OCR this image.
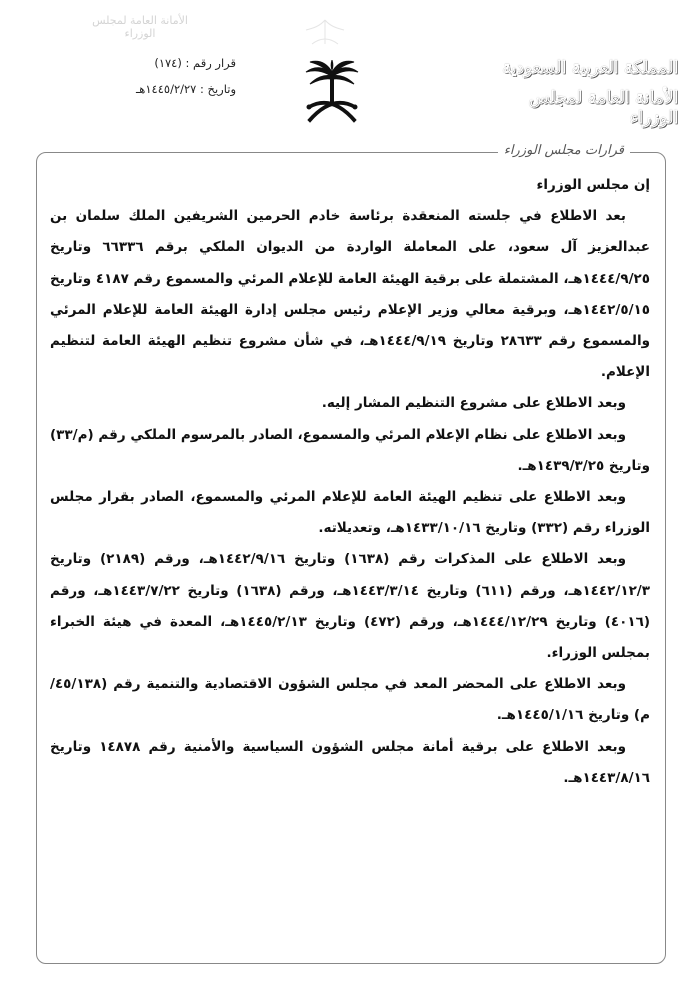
الأمانة العامة لمجلس الوزراء
قرار رقم : (١٧٤)
وتاريخ : ١٤٤٥/٢/٢٧هـ
المملكة العربية السعودية
الأمانة العامة لمجلس الوزراء
قرارات مجلس الوزراء

إن مجلس الوزراء

بعد الاطلاع في جلسته المنعقدة برئاسة خادم الحرمين الشريفين الملك سلمان بن عبدالعزيز آل سعود، على المعاملة الواردة من الديوان الملكي برقم ٦٦٣٣٦ وتاريخ ١٤٤٤/٩/٢٥هـ، المشتملة على برقية الهيئة العامة للإعلام المرئي والمسموع رقم ٤١٨٧ وتاريخ ١٤٤٢/٥/١٥هـ، وبرقية معالي وزير الإعلام رئيس مجلس إدارة الهيئة العامة للإعلام المرئي والمسموع رقم ٢٨٦٣٣ وتاريخ ١٤٤٤/٩/١٩هـ، في شأن مشروع تنظيم الهيئة العامة لتنظيم الإعلام.

وبعد الاطلاع على مشروع التنظيم المشار إليه.

وبعد الاطلاع على نظام الإعلام المرئي والمسموع، الصادر بالمرسوم الملكي رقم (م/٣٣) وتاريخ ١٤٣٩/٣/٢٥هـ.

وبعد الاطلاع على تنظيم الهيئة العامة للإعلام المرئي والمسموع، الصادر بقرار مجلس الوزراء رقم (٣٣٢) وتاريخ ١٤٣٣/١٠/١٦هـ، وتعديلاته.

وبعد الاطلاع على المذكرات رقم (١٦٣٨) وتاريخ ١٤٤٢/٩/١٦هـ، ورقم (٢١٨٩) وتاريخ ١٤٤٢/١٢/٣هـ، ورقم (٦١١) وتاريخ ١٤٤٣/٣/١٤هـ، ورقم (١٦٣٨) وتاريخ ١٤٤٣/٧/٢٢هـ، ورقم (٤٠١٦) وتاريخ ١٤٤٤/١٢/٢٩هـ، ورقم (٤٧٢) وتاريخ ١٤٤٥/٢/١٣هـ، المعدة في هيئة الخبراء بمجلس الوزراء.

وبعد الاطلاع على المحضر المعد في مجلس الشؤون الاقتصادية والتنمية رقم (٤٥/١٣٨/م) وتاريخ ١٤٤٥/١/١٦هـ.

وبعد الاطلاع على برقية أمانة مجلس الشؤون السياسية والأمنية رقم ١٤٨٧٨ وتاريخ ١٤٤٣/٨/١٦هـ.
